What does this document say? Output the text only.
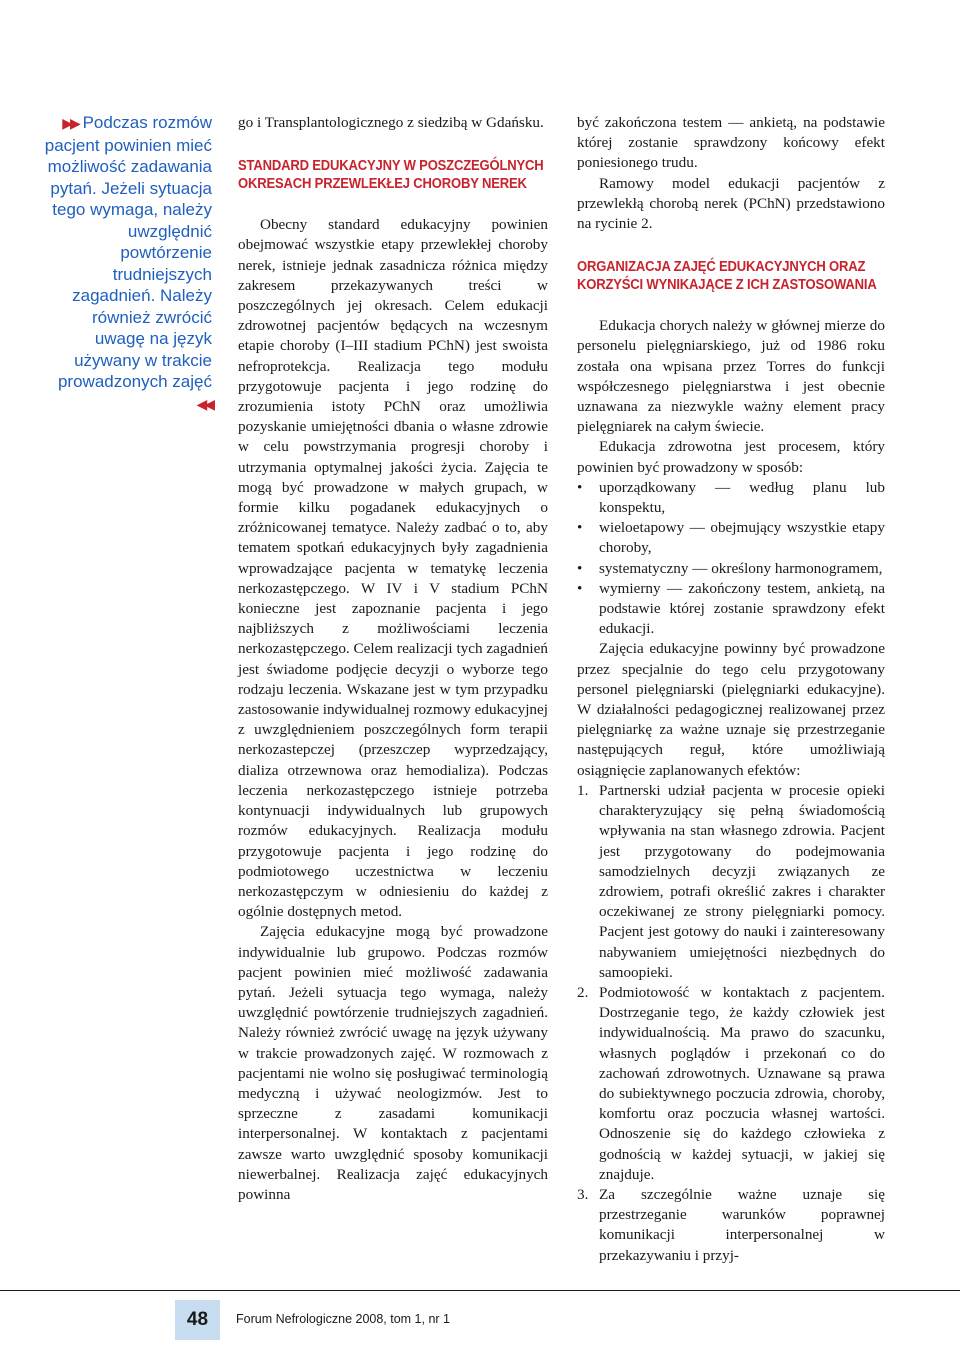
▶▶ Podczas rozmów pacjent powinien mieć możliwość zadawania pytań. Jeżeli sytuacja tego wymaga, należy uwzględnić powtórzenie trudniejszych zagadnień. Należy również zwrócić uwagę na język używany w trakcie prowadzonych zajęć ◀◀

go i Transplantologicznego z siedzibą w Gdańsku.

STANDARD EDUKACYJNY W POSZCZEGÓLNYCH OKRESACH PRZEWLEKŁEJ CHOROBY NEREK

Obecny standard edukacyjny powinien obejmować wszystkie etapy przewlekłej choroby nerek, istnieje jednak zasadnicza różnica między zakresem przekazywanych treści w poszczególnych jej okresach. Celem edukacji zdrowotnej pacjentów będących na wczesnym etapie choroby (I–III stadium PChN) jest swoista nefroprotekcja. Realizacja tego modułu przygotowuje pacjenta i jego rodzinę do zrozumienia istoty PChN oraz umożliwia pozyskanie umiejętności dbania o własne zdrowie w celu powstrzymania progresji choroby i utrzymania optymalnej jakości życia. Zajęcia te mogą być prowadzone w małych grupach, w formie kilku pogadanek edukacyjnych o zróżnicowanej tematyce. Należy zadbać o to, aby tematem spotkań edukacyjnych były zagadnienia wprowadzające pacjenta w tematykę leczenia nerkozastępczego. W IV i V stadium PChN konieczne jest zapoznanie pacjenta i jego najbliższych z możliwościami leczenia nerkozastępczego. Celem realizacji tych zagadnień jest świadome podjęcie decyzji o wyborze tego rodzaju leczenia. Wskazane jest w tym przypadku zastosowanie indywidualnej rozmowy edukacyjnej z uwzględnieniem poszczególnych form terapii nerkozastepczej (przeszczep wyprzedzający, dializa otrzewnowa oraz hemodializa). Podczas leczenia nerkozastępczego istnieje potrzeba kontynuacji indywidualnych lub grupowych rozmów edukacyjnych. Realizacja modułu przygotowuje pacjenta i jego rodzinę do podmiotowego uczestnictwa w leczeniu nerkozastępczym w odniesieniu do każdej z ogólnie dostępnych metod.

Zajęcia edukacyjne mogą być prowadzone indywidualnie lub grupowo. Podczas rozmów pacjent powinien mieć możliwość zadawania pytań. Jeżeli sytuacja tego wymaga, należy uwzględnić powtórzenie trudniejszych zagadnień. Należy również zwrócić uwagę na język używany w trakcie prowadzonych zajęć. W rozmowach z pacjentami nie wolno się posługiwać terminologią medyczną i używać neologizmów. Jest to sprzeczne z zasadami komunikacji interpersonalnej. W kontaktach z pacjentami zawsze warto uwzględnić sposoby komunikacji niewerbalnej. Realizacja zajęć edukacyjnych powinna

być zakończona testem — ankietą, na podstawie której zostanie sprawdzony końcowy efekt poniesionego trudu.

Ramowy model edukacji pacjentów z przewlekłą chorobą nerek (PChN) przedstawiono na rycinie 2.

ORGANIZACJA ZAJĘĆ EDUKACYJNYCH ORAZ KORZYŚCI WYNIKAJĄCE Z ICH ZASTOSOWANIA

Edukacja chorych należy w głównej mierze do personelu pielęgniarskiego, już od 1986 roku została ona wpisana przez Torres do funkcji współczesnego pielęgniarstwa i jest obecnie uznawana za niezwykle ważny element pracy pielęgniarek na całym świecie.

Edukacja zdrowotna jest procesem, który powinien być prowadzony w sposób:

• uporządkowany — według planu lub konspektu,
• wieloetapowy — obejmujący wszystkie etapy choroby,
• systematyczny — określony harmonogramem,
• wymierny — zakończony testem, ankietą, na podstawie której zostanie sprawdzony efekt edukacji.

Zajęcia edukacyjne powinny być prowadzone przez specjalnie do tego celu przygotowany personel pielęgniarski (pielęgniarki edukacyjne). W działalności pedagogicznej realizowanej przez pielęgniarkę za ważne uznaje się przestrzeganie następujących reguł, które umożliwiają osiągnięcie zaplanowanych efektów:

1. Partnerski udział pacjenta w procesie opieki charakteryzujący się pełną świadomością wpływania na stan własnego zdrowia. Pacjent jest przygotowany do podejmowania samodzielnych decyzji związanych ze zdrowiem, potrafi określić zakres i charakter oczekiwanej ze strony pielęgniarki pomocy. Pacjent jest gotowy do nauki i zainteresowany nabywaniem umiejętności niezbędnych do samoopieki.
2. Podmiotowość w kontaktach z pacjentem. Dostrzeganie tego, że każdy człowiek jest indywidualnością. Ma prawo do szacunku, własnych poglądów i przekonań co do zachowań zdrowotnych. Uznawane są prawa do subiektywnego poczucia zdrowia, choroby, komfortu oraz poczucia własnej wartości. Odnoszenie się do każdego człowieka z godnością w każdej sytuacji, w jakiej się znajduje.
3. Za szczególnie ważne uznaje się przestrzeganie warunków poprawnej komunikacji interpersonalnej w przekazywaniu i przyj-
48	Forum Nefrologiczne 2008, tom 1, nr 1
